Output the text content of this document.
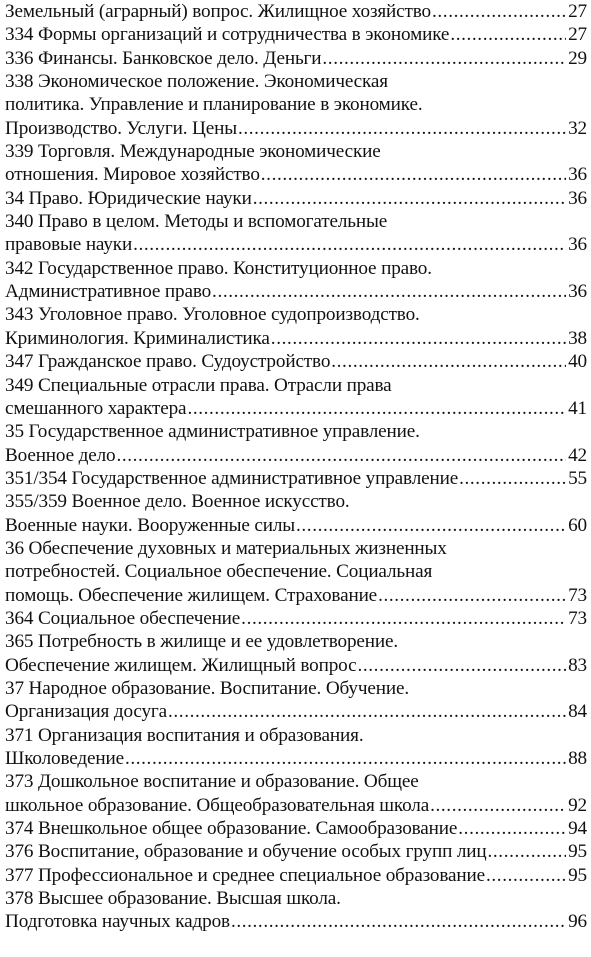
Земельный (аграрный) вопрос. Жилищное хозяйство .....	27
334 Формы организаций и сотрудничества в экономике .....	27
336 Финансы. Банковское дело. Деньги .....	29
338 Экономическое положение. Экономическая
политика. Управление и планирование в экономике.
Производство. Услуги. Цены .....	32
339 Торговля. Международные экономические
отношения. Мировое хозяйство .....	36
34 Право. Юридические науки .....	36
340 Право в целом. Методы и вспомогательные
правовые науки .....	36
342 Государственное право. Конституционное право.
Административное право .....	36
343 Уголовное право. Уголовное судопроизводство.
Криминология. Криминалистика .....	38
347 Гражданское право. Судоустройство .....	40
349 Специальные отрасли права. Отрасли права
смешанного характера .....	41
35 Государственное административное управление.
Военное дело .....	42
351/354 Государственное административное управление .....	55
355/359 Военное дело. Военное искусство.
Военные науки. Вооруженные силы .....	60
36 Обеспечение духовных и материальных жизненных
потребностей. Социальное обеспечение. Социальная
помощь. Обеспечение жилищем. Страхование .....	73
364 Социальное обеспечение .....	73
365 Потребность в жилище и ее удовлетворение.
Обеспечение жилищем. Жилищный вопрос .....	83
37 Народное образование. Воспитание. Обучение.
Организация досуга .....	84
371 Организация воспитания и образования.
Школоведение .....	88
373 Дошкольное воспитание и образование. Общее
школьное образование. Общеобразовательная школа .....	92
374 Внешкольное общее образование. Самообразование .....	94
376 Воспитание, образование и обучение особых групп лиц .....	95
377 Профессиональное и среднее специальное образование .....	95
378 Высшее образование. Высшая школа.
Подготовка научных кадров .....	96
